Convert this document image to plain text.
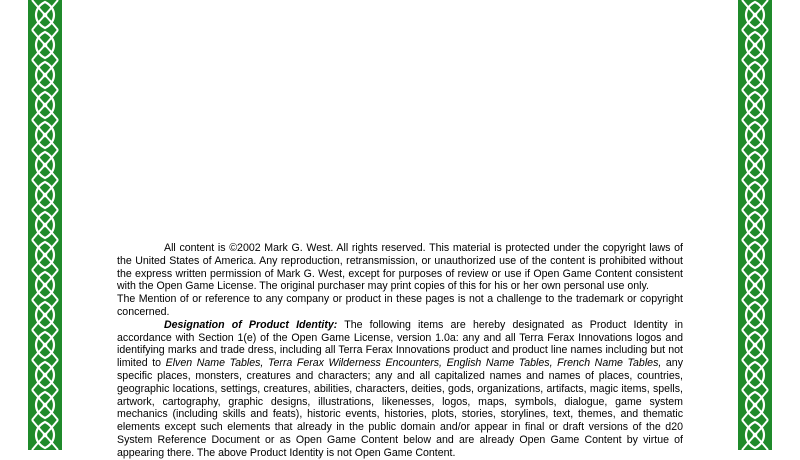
All content is ©2002 Mark G. West. All rights reserved. This material is protected under the copyright laws of the United States of America. Any reproduction, retransmission, or unauthorized use of the content is prohibited without the express written permission of Mark G. West, except for purposes of review or use if Open Game Content consistent with the Open Game License. The original purchaser may print copies of this for his or her own personal use only.

The Mention of or reference to any company or product in these pages is not a challenge to the trademark or copyright concerned.

Designation of Product Identity: The following items are hereby designated as Product Identity in accordance with Section 1(e) of the Open Game License, version 1.0a: any and all Terra Ferax Innovations logos and identifying marks and trade dress, including all Terra Ferax Innovations product and product line names including but not limited to Elven Name Tables, Terra Ferax Wilderness Encounters, English Name Tables, French Name Tables, any specific places, monsters, creatures and characters; any and all capitalized names and names of places, countries, geographic locations, settings, creatures, abilities, characters, deities, gods, organizations, artifacts, magic items, spells, artwork, cartography, graphic designs, illustrations, likenesses, logos, maps, symbols, dialogue, game system mechanics (including skills and feats), historic events, histories, plots, stories, storylines, text, themes, and thematic elements except such elements that already in the public domain and/or appear in final or draft versions of the d20 System Reference Document or as Open Game Content below and are already Open Game Content by virtue of appearing there. The above Product Identity is not Open Game Content.
